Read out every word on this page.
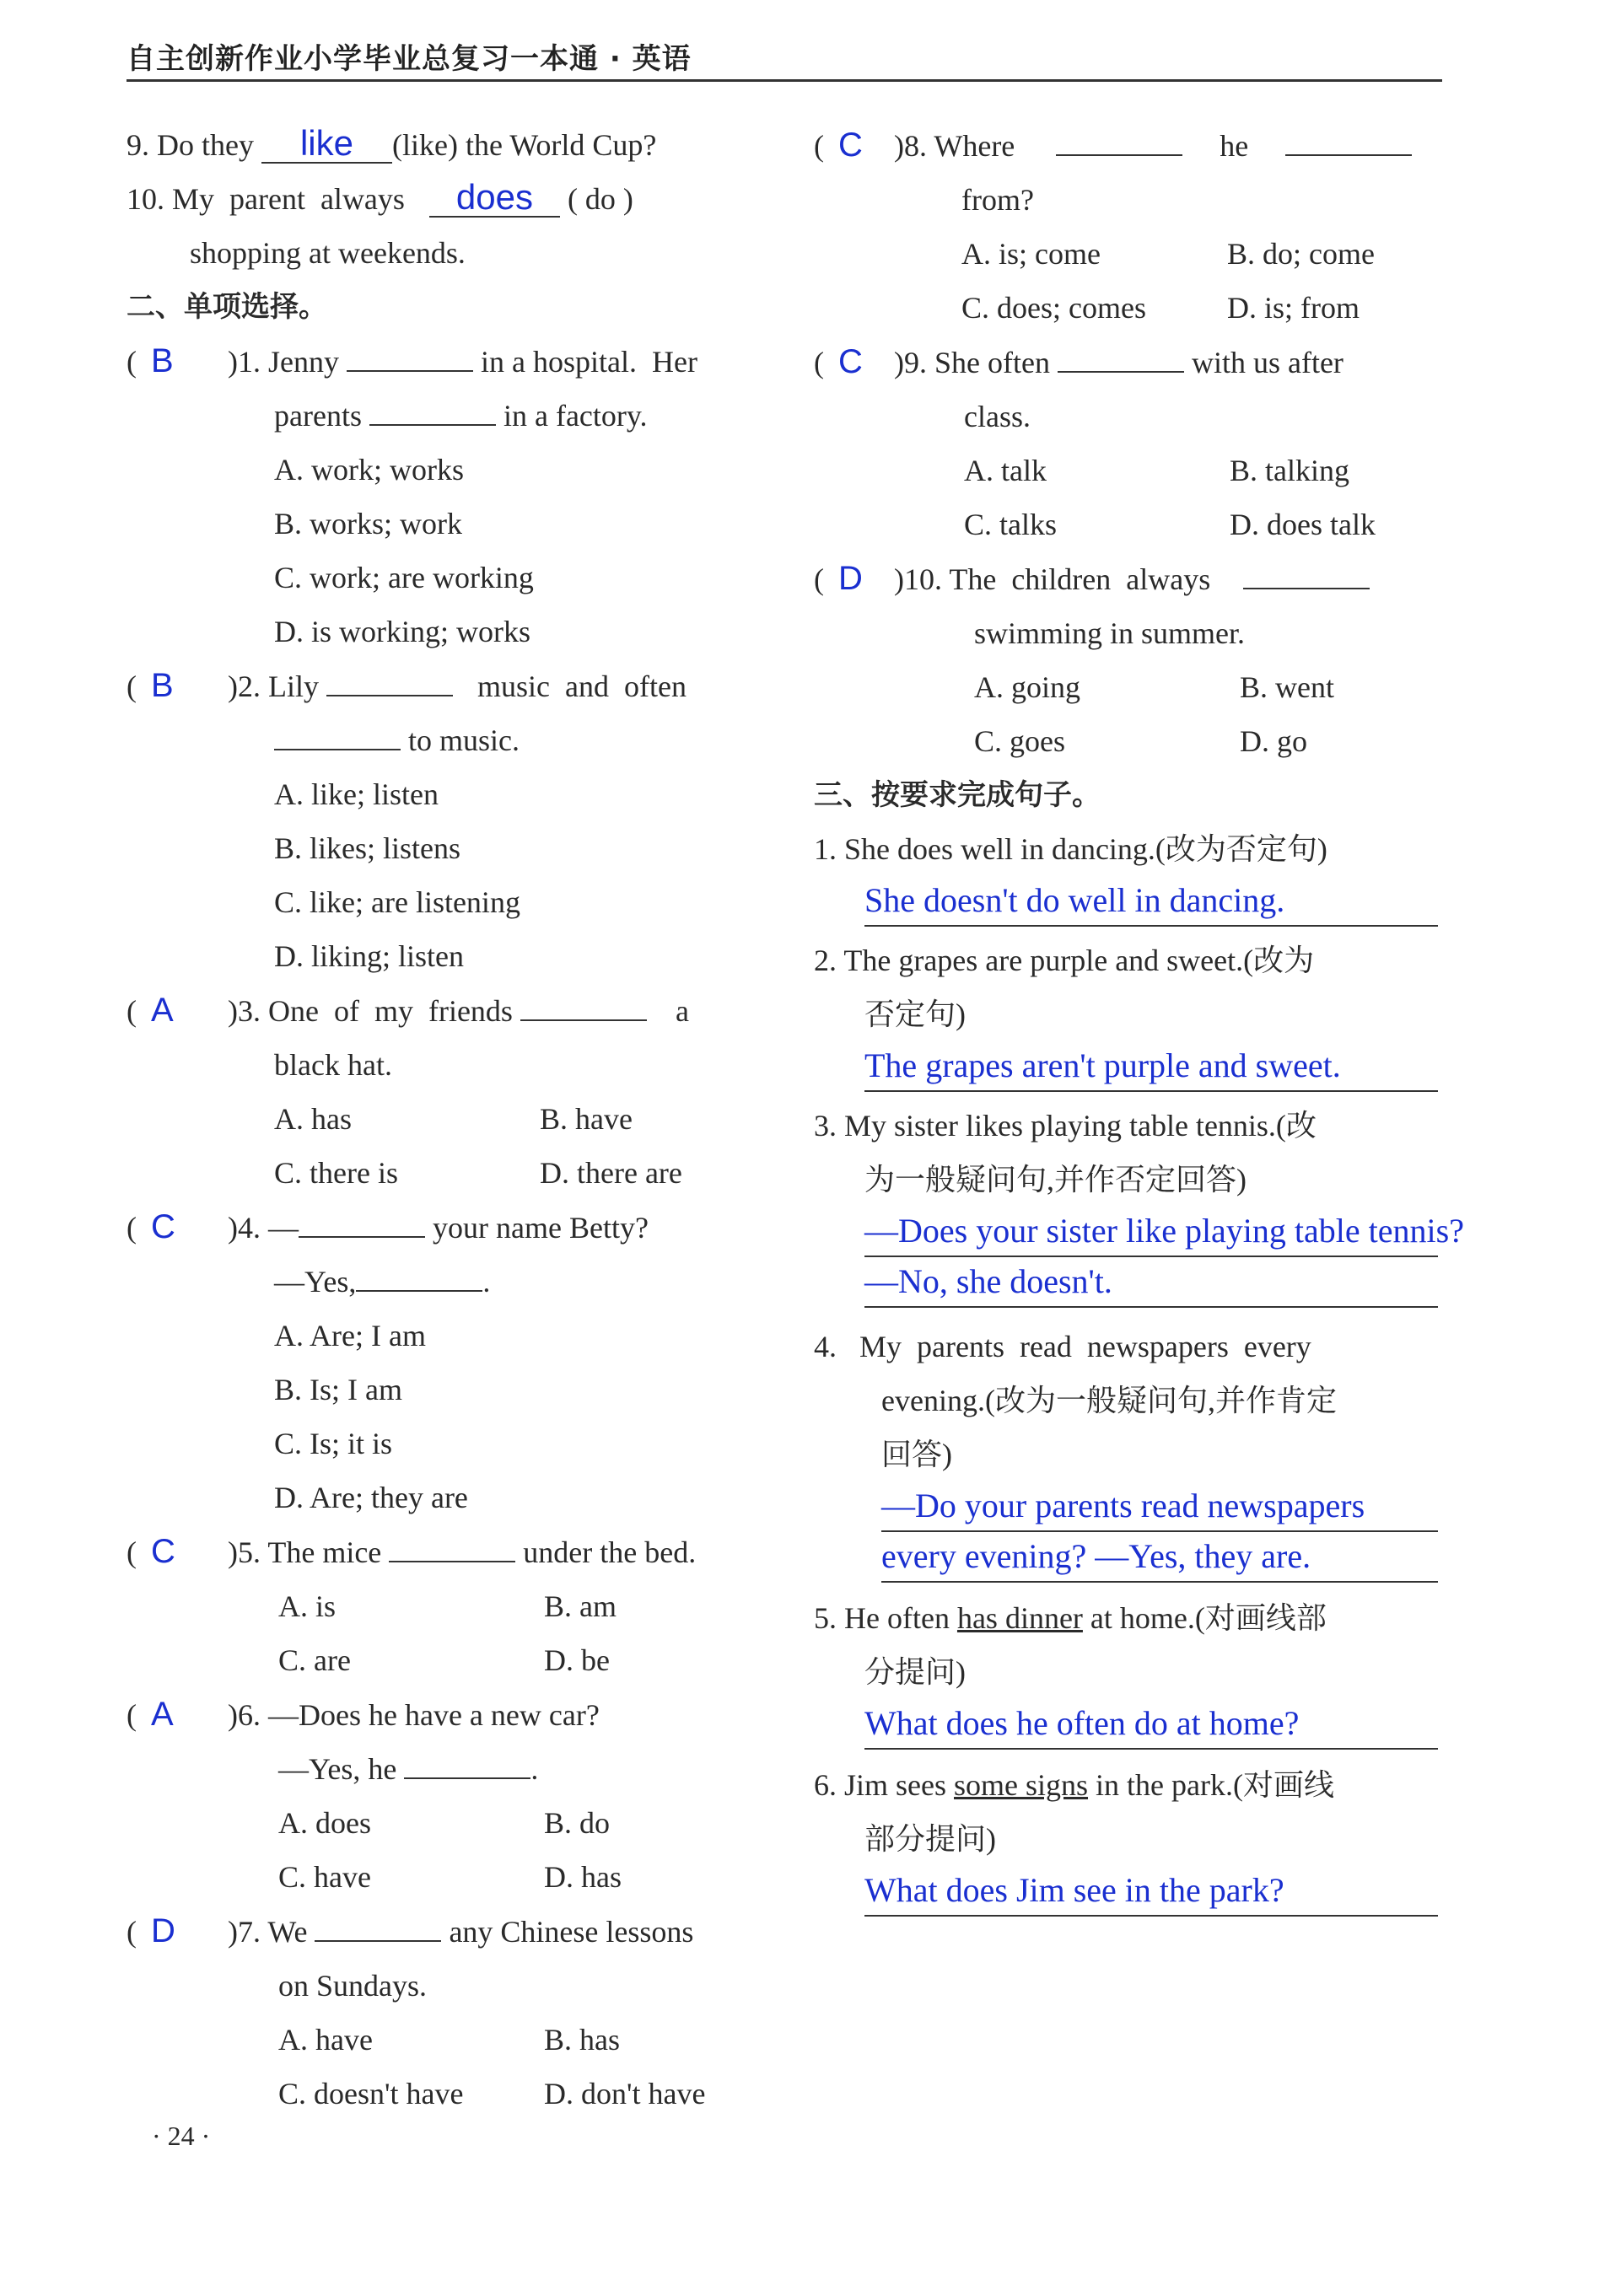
自主创新作业小学毕业总复习一本通 · 英语
9. Do they like (like) the World Cup?
10. My  parent  always does ( do )
shopping at weekends.
二、单项选择。
( B )1. Jenny	in a hospital.  Her
parents	in a factory.
A. work; works
B. works; work
C. work; are working
D. is working; works
( B )2. Lily	music  and  often
to music.
A. like; listen
B. likes; listens
C. like; are listening
D. liking; listen
( A )3. One  of  my  friends	a
black hat.
A. has	B. have
C. there is	D. there are
( C )4. —	your name Betty?
—Yes,	.
A. Are; I am
B. Is; I am
C. Is; it is
D. Are; they are
( C )5. The mice	under the bed.
A. is	B. am
C. are	D. be
( A )6. —Does he have a new car?
—Yes, he	.
A. does	B. do
C. have	D. has
( D )7. We	any Chinese lessons
on Sundays.
A. have	B. has
C. doesn't have	D. don't have
( C )8. Where	he
from?
A. is; come	B. do; come
C. does; comes	D. is; from
( C )9. She often	with us after
class.
A. talk	B. talking
C. talks	D. does talk
( D )10. The  children  always
swimming in summer.
A. going	B. went
C. goes	D. go
三、按要求完成句子。
1. She does well in dancing.(改为否定句)
She doesn't do well in dancing.
2. The grapes are purple and sweet.(改为
否定句)
The grapes aren't purple and sweet.
3. My sister likes playing table tennis.(改
为一般疑问句,并作否定回答)
—Does your sister like playing table tennis?
—No, she doesn't.
4. My  parents  read  newspapers  every
evening.(改为一般疑问句,并作肯定
回答)
—Do your parents read newspapers
every evening? —Yes, they are.
5. He often has dinner at home.(对画线部
分提问)
What does he often do at home?
6. Jim sees some signs in the park.(对画线
部分提问)
What does Jim see in the park?
· 24 ·
